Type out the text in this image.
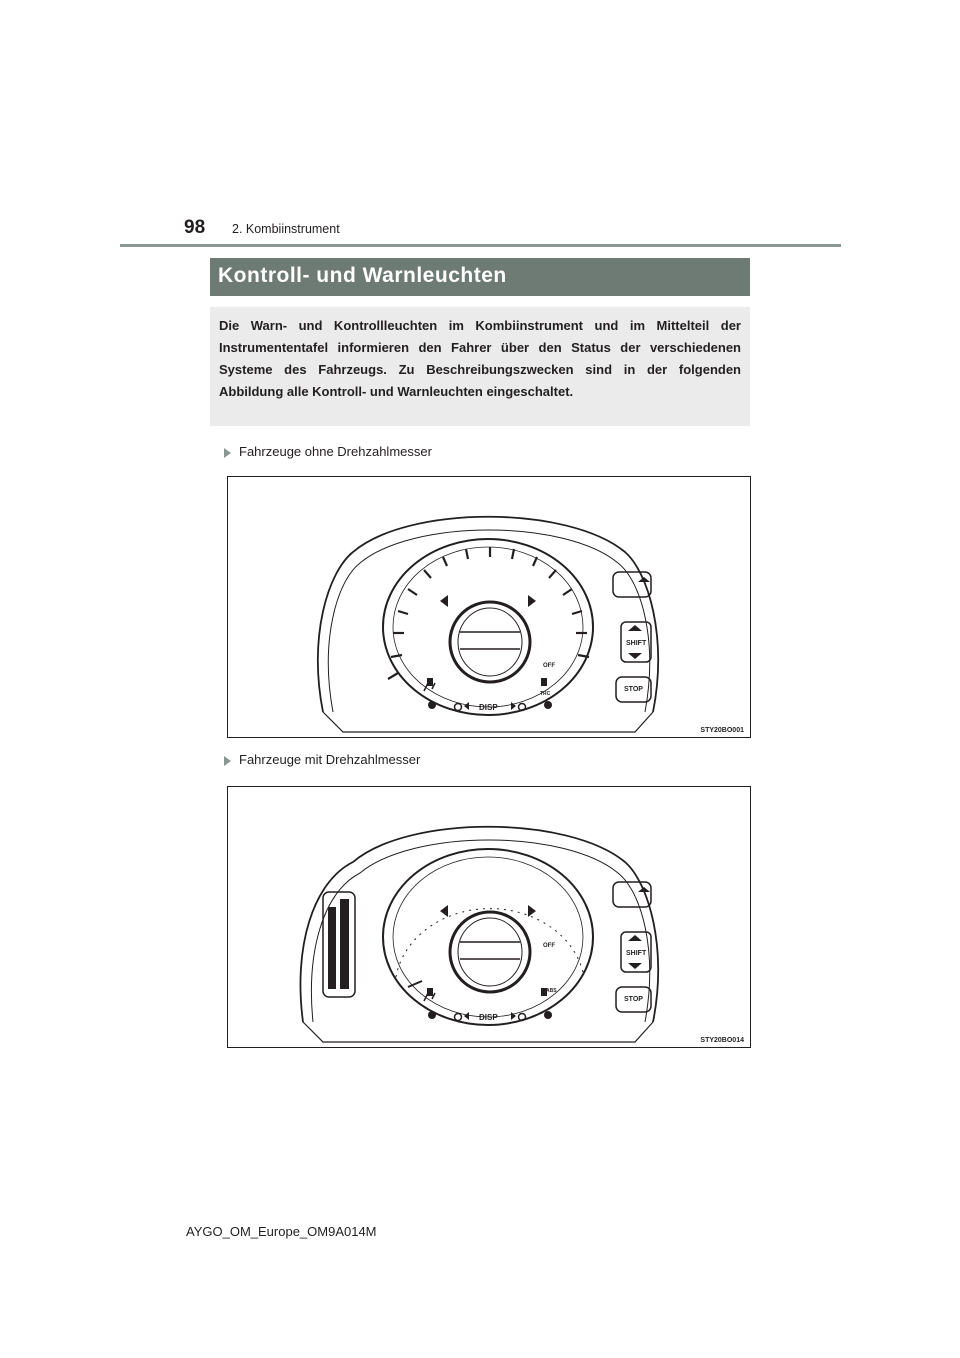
98 2. Kombiinstrument
Kontroll- und Warnleuchten

Die Warn- und Kontrollleuchten im Kombiinstrument und im Mittelteil der Instrumententafel informieren den Fahrer über den Status der verschiedenen Systeme des Fahrzeugs. Zu Beschreibungszwecken sind in der folgenden Abbildung alle Kontroll- und Warnleuchten eingeschaltet.

Fahrzeuge ohne Drehzahlmesser
DISP
SHIFT
STOP
OFF
TRC
STY20BO001
Fahrzeuge mit Drehzahlmesser
DISP
SHIFT
STOP
OFF
ABS
STY20BO014
AYGO_OM_Europe_OM9A014M
